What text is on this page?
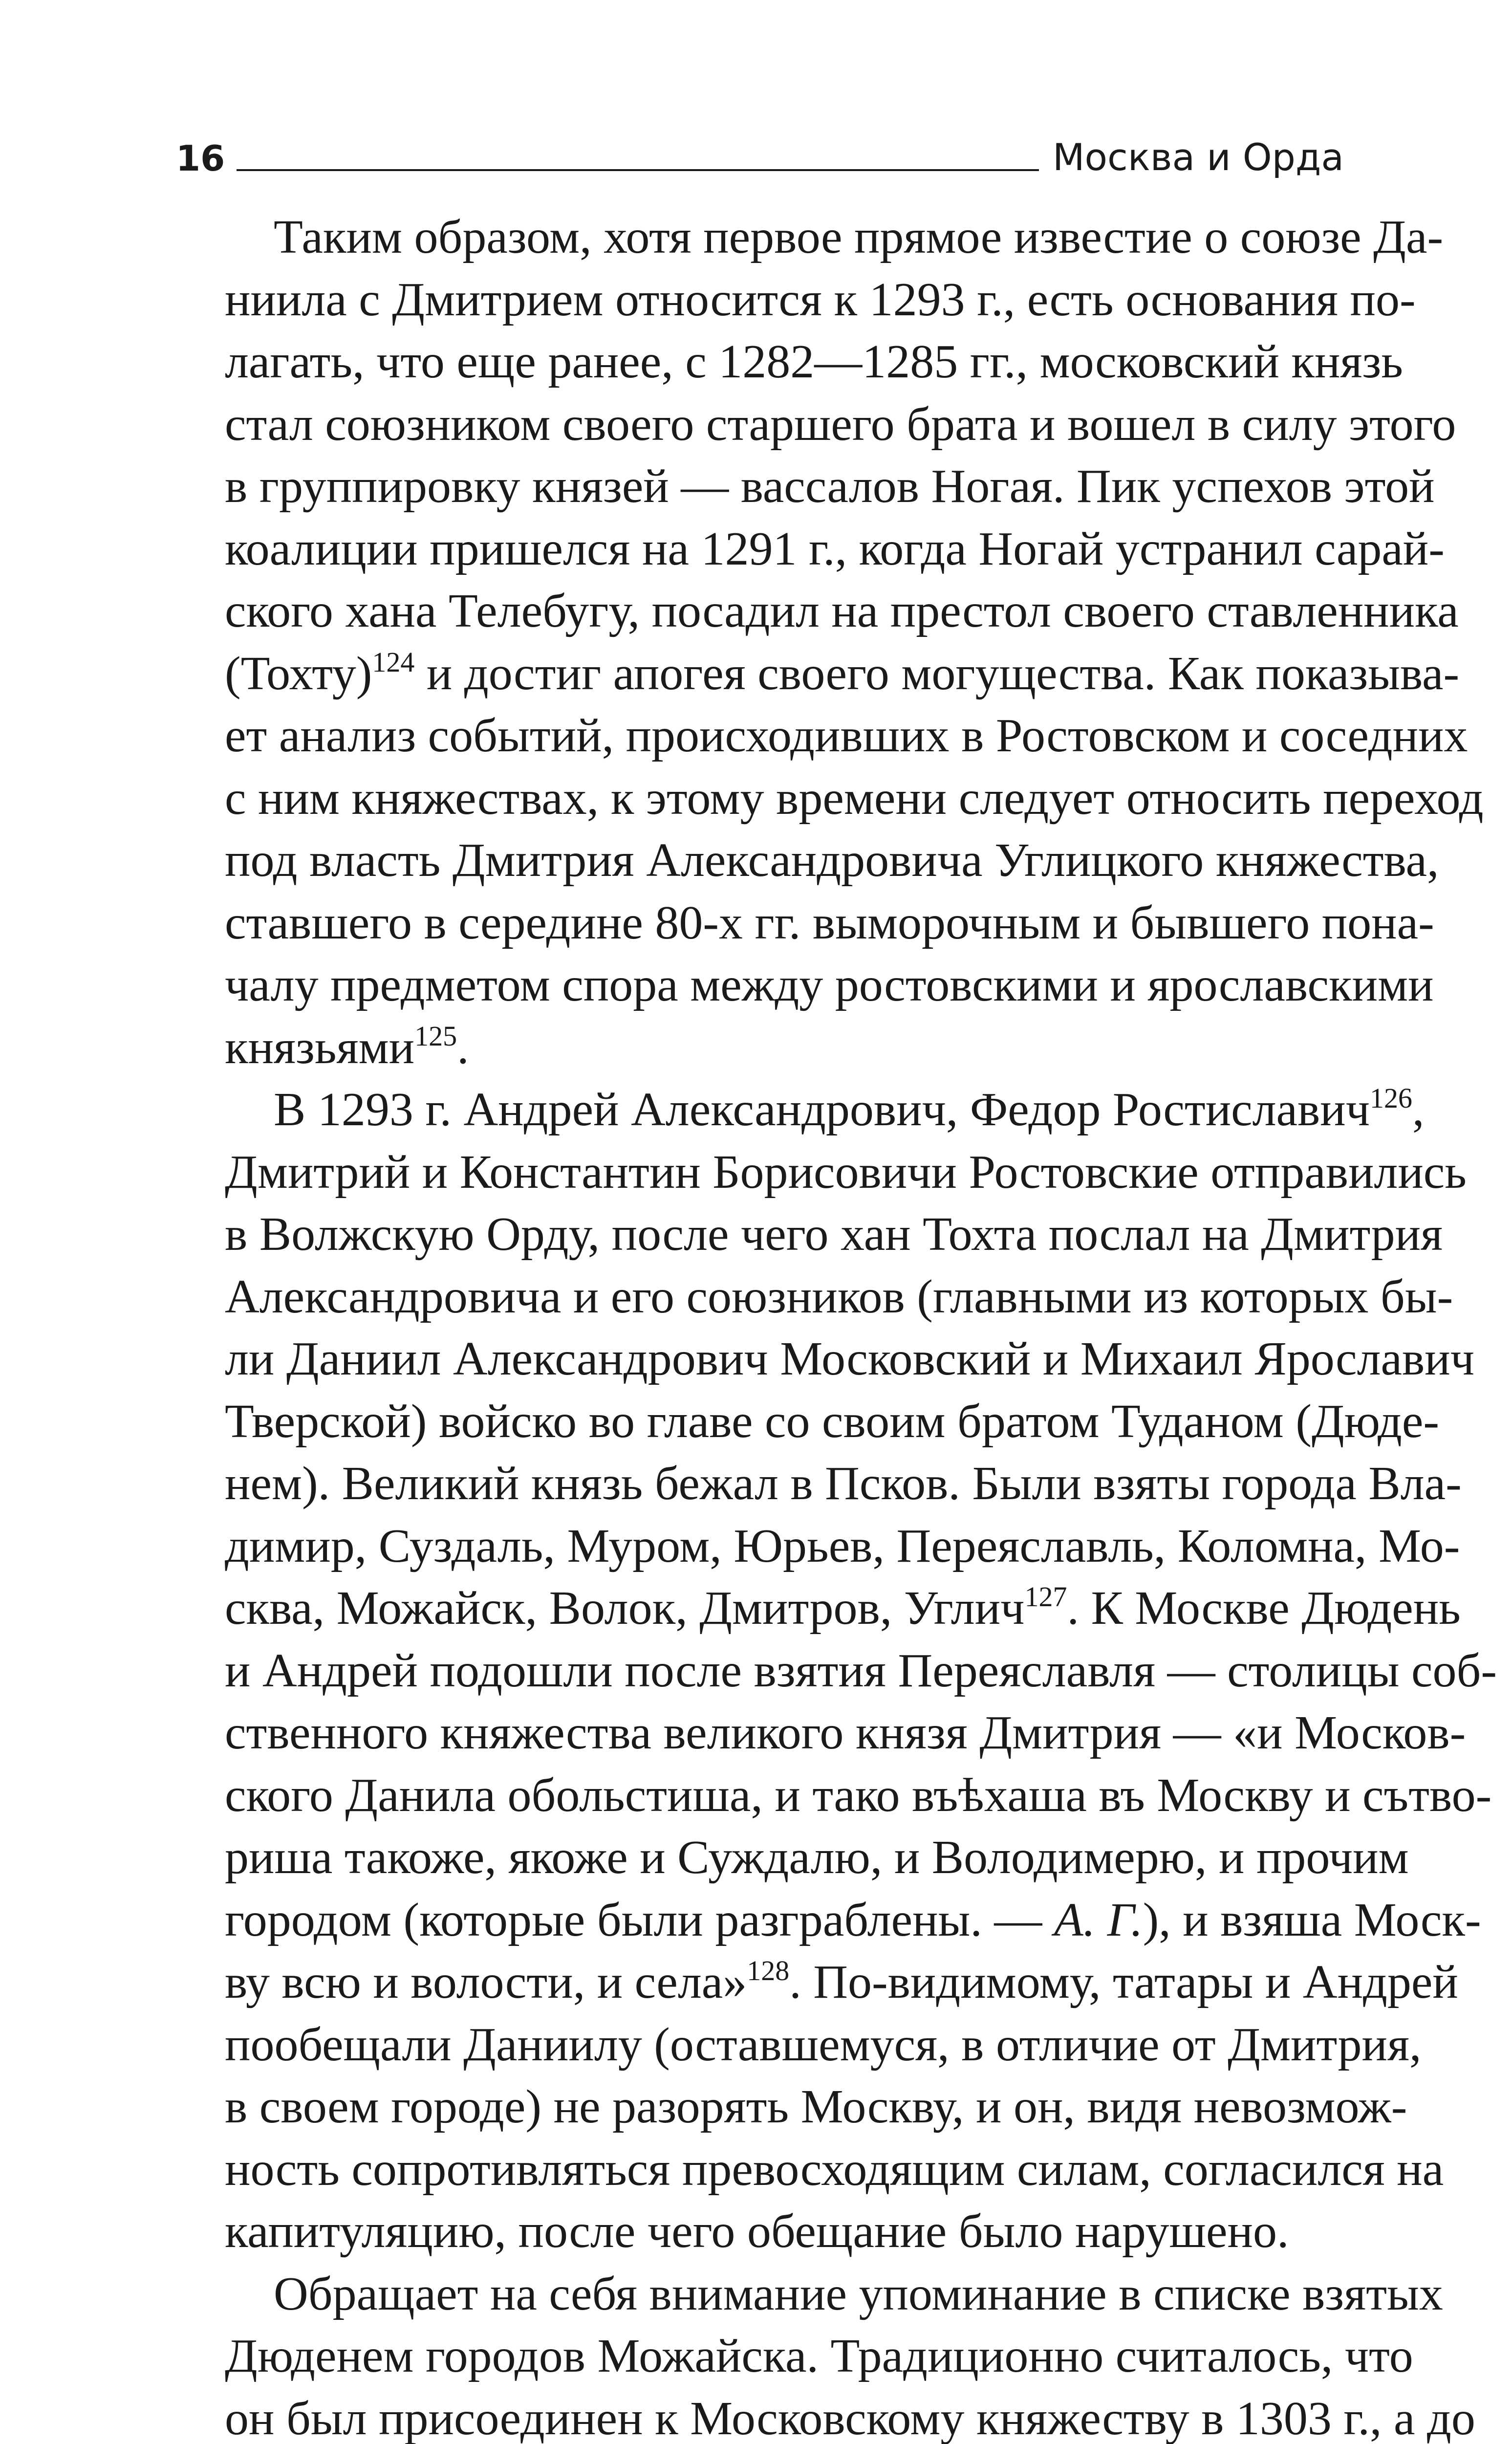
16	Москва и Орда

Таким образом, хотя первое прямое известие о союзе Да-
ниила с Дмитрием относится к 1293 г., есть основания по-
лагать, что еще ранее, с 1282—1285 гг., московский князь
стал союзником своего старшего брата и вошел в силу этого
в группировку князей — вассалов Ногая. Пик успехов этой
коалиции пришелся на 1291 г., когда Ногай устранил сарай-
ского хана Телебугу, посадил на престол своего ставленника
(Тохту)$^{124}$ и достиг апогея своего могущества. Как показыва-
ет анализ событий, происходивших в Ростовском и соседних
с ним княжествах, к этому времени следует относить переход
под власть Дмитрия Александровича Углицкого княжества,
ставшего в середине 80-х гг. выморочным и бывшего пона-
чалу предметом спора между ростовскими и ярославскими
князьями$^{125}$.

В 1293 г. Андрей Александрович, Федор Ростиславич$^{126}$,
Дмитрий и Константин Борисовичи Ростовские отправились
в Волжскую Орду, после чего хан Тохта послал на Дмитрия
Александровича и его союзников (главными из которых бы-
ли Даниил Александрович Московский и Михаил Ярославич
Тверской) войско во главе со своим братом Туданом (Дюде-
нем). Великий князь бежал в Псков. Были взяты города Вла-
димир, Суздаль, Муром, Юрьев, Переяславль, Коломна, Мо-
сква, Можайск, Волок, Дмитров, Углич$^{127}$. К Москве Дюдень
и Андрей подошли после взятия Переяславля — столицы соб-
ственного княжества великого князя Дмитрия — «и Москов-
ского Данила обольстиша, и тако въѣхаша въ Москву и сътво-
риша такоже, якоже и Суждалю, и Володимерю, и прочим
городом (которые были разграблены. — А. Г.), и взяша Моск-
ву всю и волости, и села»$^{128}$. По-видимому, татары и Андрей
пообещали Даниилу (оставшемуся, в отличие от Дмитрия,
в своем городе) не разорять Москву, и он, видя невозмож-
ность сопротивляться превосходящим силам, согласился на
капитуляцию, после чего обещание было нарушено.

Обращает на себя внимание упоминание в списке взятых
Дюденем городов Можайска. Традиционно считалось, что
он был присоединен к Московскому княжеству в 1303 г., а до
